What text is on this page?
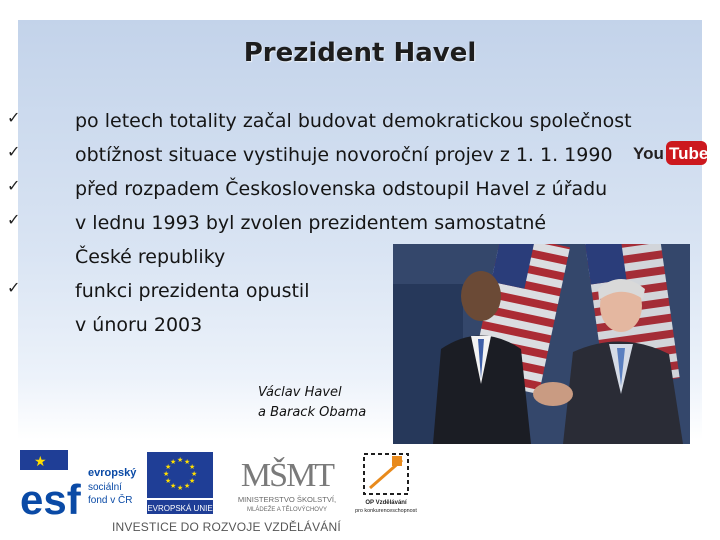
Prezident Havel
✓	po letech totality začal budovat demokratickou společnost
✓	obtížnost situace vystihuje novoroční projev z 1. 1. 1990
✓	před rozpadem Československa odstoupil Havel z úřadu
✓	v lednu 1993 byl zvolen prezidentem samostatné
České republiky
✓	funkci prezidenta opustil
v únoru 2003
You Tube
Václav Havel
a Barack Obama
★
esf
evropský
sociální
fond v ČR
★ ★
★
★
★
★
★
★
★
★
★
★
EVROPSKÁ UNIE
MŠMT
MINISTERSTVO ŠKOLSTVÍ,
MLÁDEŽE A TĚLOVÝCHOVY
OP Vzdělávání
pro konkurenceschopnost
INVESTICE DO ROZVOJE VZDĚLÁVÁNÍ
